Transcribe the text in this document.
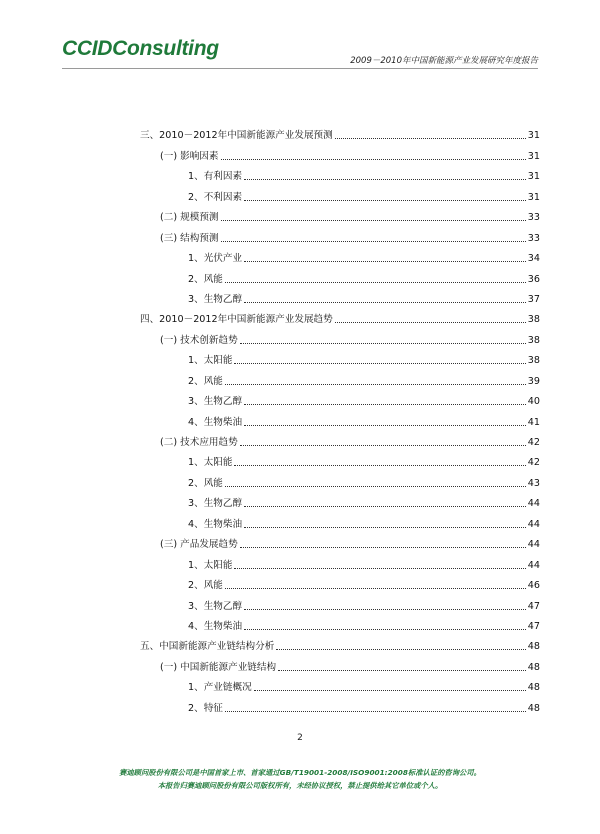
CCIDConsulting
2009－2010年中国新能源产业发展研究年度报告
三、2010－2012年中国新能源产业发展预测	31
(一) 影响因素	31
1、有利因素	31
2、不利因素	31
(二) 规模预测	33
(三) 结构预测	33
1、光伏产业	34
2、风能	36
3、生物乙醇	37
四、2010－2012年中国新能源产业发展趋势	38
(一) 技术创新趋势	38
1、太阳能	38
2、风能	39
3、生物乙醇	40
4、生物柴油	41
(二) 技术应用趋势	42
1、太阳能	42
2、风能	43
3、生物乙醇	44
4、生物柴油	44
(三) 产品发展趋势	44
1、太阳能	44
2、风能	46
3、生物乙醇	47
4、生物柴油	47
五、中国新能源产业链结构分析	48
(一) 中国新能源产业链结构	48
1、产业链概况	48
2、特征	48
2
赛迪顾问股份有限公司是中国首家上市、首家通过GB/T19001-2008/ISO9001:2008标准认证的咨询公司。
本报告归赛迪顾问股份有限公司版权所有，未经协议授权，禁止提供给其它单位或个人。
